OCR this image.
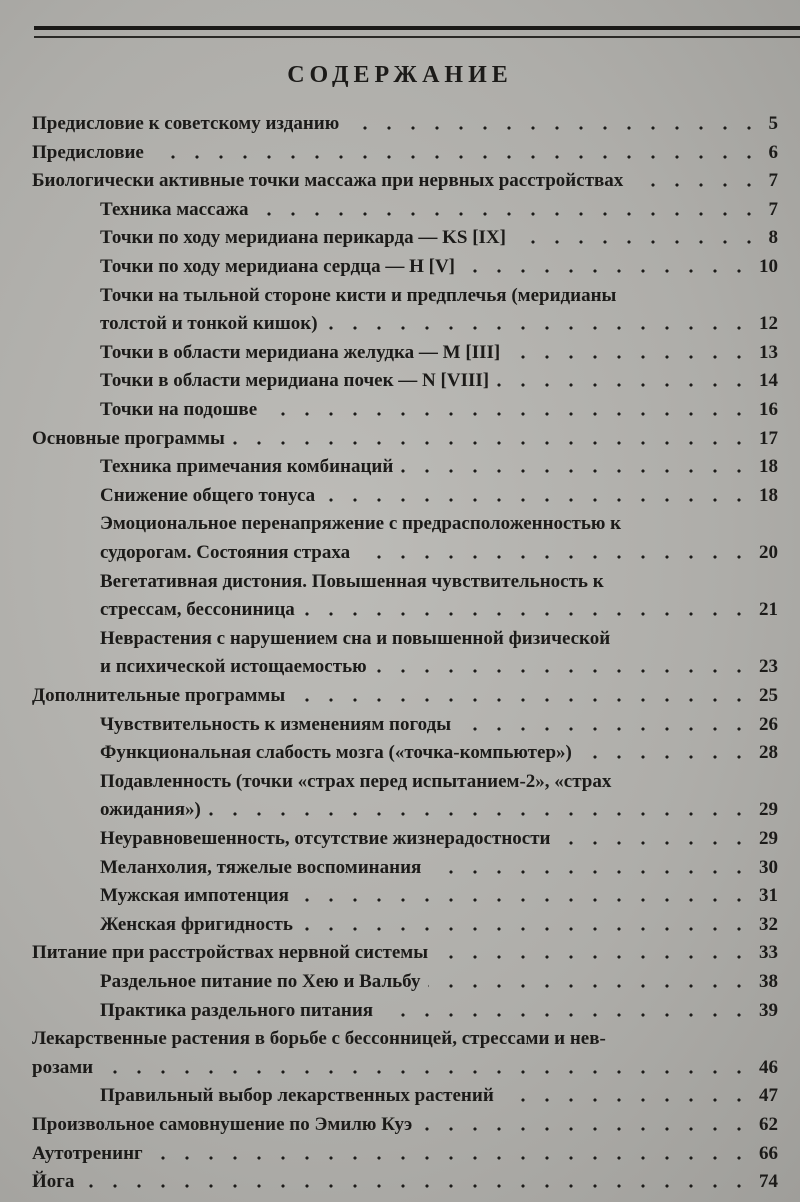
СОДЕРЖАНИЕ
Предисловие к советскому изданию	5
Предисловие	6
Биологически активные точки массажа при нервных расстройствах	7
Техника массажа	7
Точки по ходу меридиана перикарда — KS [IX]	8
Точки по ходу меридиана сердца — H [V]	10
Точки на тыльной стороне кисти и предплечья (меридианы
толстой и тонкой кишок)	12
Точки в области меридиана желудка — M [III]	13
Точки в области меридиана почек — N [VIII]	14
Точки на подошве	16
Основные программы	17
Техника примечания комбинаций	18
Снижение общего тонуса	18
Эмоциональное перенапряжение с предрасположенностью к
судорогам. Состояния страха	20
Вегетативная дистония. Повышенная чувствительность к
стрессам, бессониница	21
Неврастения с нарушением сна и повышенной физической
и психической истощаемостью	23
Дополнительные программы	25
Чувствительность к изменениям погоды	26
Функциональная слабость мозга («точка-компьютер»)	28
Подавленность (точки «страх перед испытанием-2», «страх
ожидания»)	29
Неуравновешенность, отсутствие жизнерадостности	29
Меланхолия, тяжелые воспоминания	30
Мужская импотенция	31
Женская фригидность	32
Питание при расстройствах нервной системы	33
Раздельное питание по Хею и Вальбу	38
Практика раздельного питания	39
Лекарственные растения в борьбе с бессонницей, стрессами и нев-
розами	46
Правильный выбор лекарственных растений	47
Произвольное самовнушение по Эмилю Куэ	62
Аутотренинг	66
Йога	74
